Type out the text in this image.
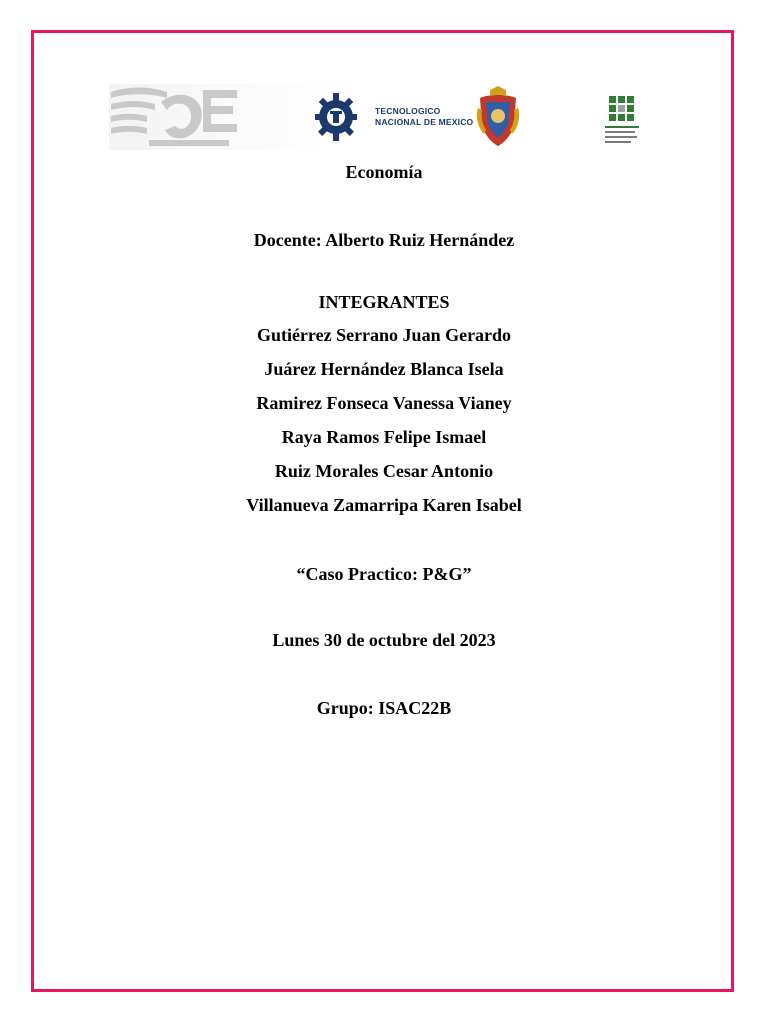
TECNOLOGICO
NACIONAL DE MEXICO
Economía
Docente: Alberto Ruiz Hernández
INTEGRANTES
Gutiérrez Serrano Juan Gerardo
Juárez Hernández Blanca Isela
Ramirez Fonseca Vanessa Vianey
Raya Ramos Felipe Ismael
Ruiz Morales Cesar Antonio
Villanueva Zamarripa Karen Isabel
“Caso Practico: P&G”
Lunes 30 de octubre del 2023
Grupo: ISAC22B
